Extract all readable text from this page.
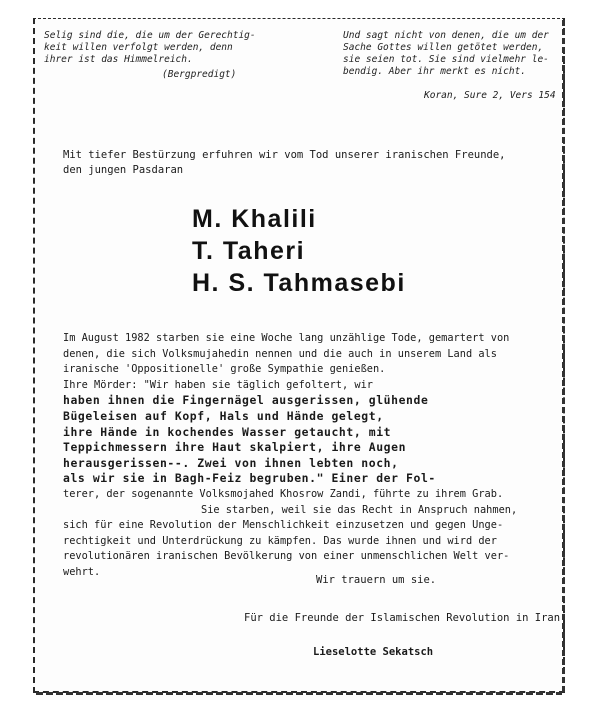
Selig sind die, die um der Gerechtig-
keit willen verfolgt werden, denn
ihrer ist das Himmelreich.
(Bergpredigt)
Und sagt nicht von denen, die um der
Sache Gottes willen getötet werden,
sie seien tot. Sie sind vielmehr le-
bendig. Aber ihr merkt es nicht.
Koran, Sure 2, Vers 154
Mit tiefer Bestürzung erfuhren wir vom Tod unserer iranischen Freunde,
den jungen Pasdaran
M. Khalili
T. Taheri
H. S. Tahmasebi
Im August 1982 starben sie eine Woche lang unzählige Tode, gemartert von
denen, die sich Volksmujahedin nennen und die auch in unserem Land als
iranische 'Oppositionelle' große Sympathie genießen.
Ihre Mörder: "Wir haben sie täglich gefoltert, wir
haben ihnen die Fingernägel ausgerissen, glühende
Bügeleisen auf Kopf, Hals und Hände gelegt,
ihre Hände in kochendes Wasser getaucht, mit
Teppichmessern ihre Haut skalpiert, ihre Augen
herausgerissen--. Zwei von ihnen lebten noch,
als wir sie in Bagh-Feiz begruben." Einer der Fol-
terer, der sogenannte Volksmojahed Khosrow Zandi, führte zu ihrem Grab.
Sie starben, weil sie das Recht in Anspruch nahmen,
sich für eine Revolution der Menschlichkeit einzusetzen und gegen Unge-
rechtigkeit und Unterdrückung zu kämpfen. Das wurde ihnen und wird der
revolutionären iranischen Bevölkerung von einer unmenschlichen Welt ver-
wehrt.
Wir trauern um sie.
Für die Freunde der Islamischen Revolution in Iran
Lieselotte Sekatsch
